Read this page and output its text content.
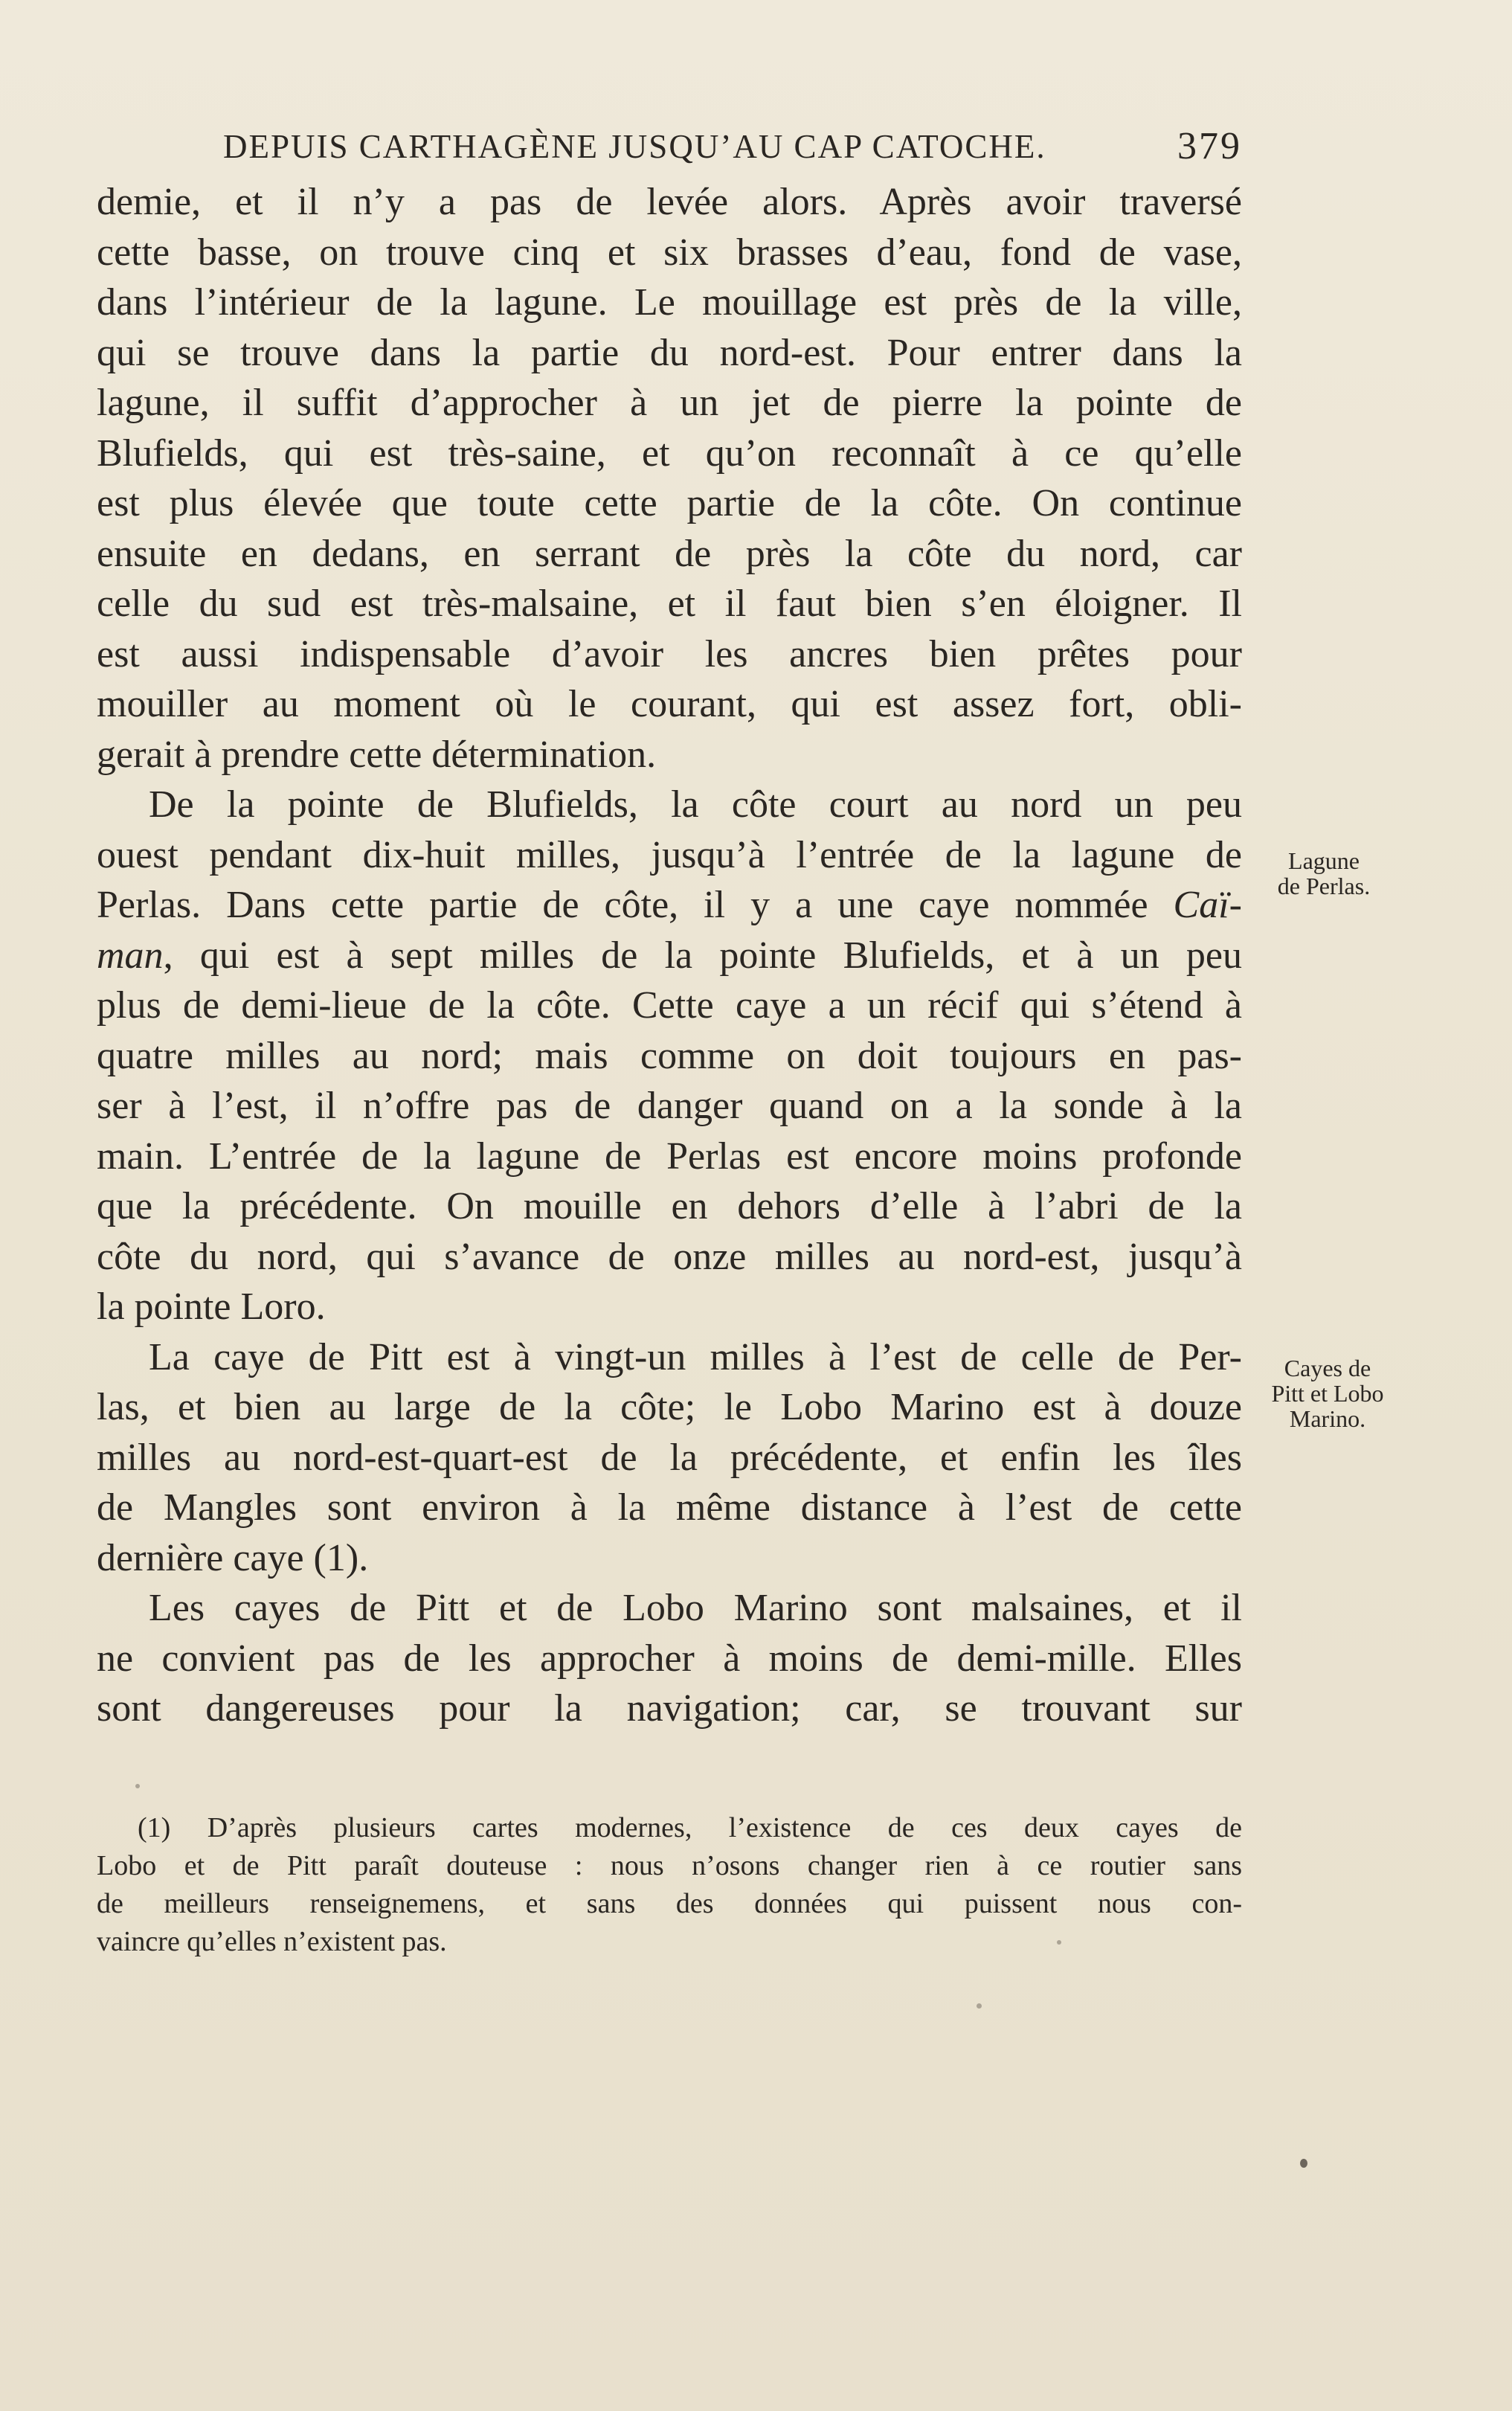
DEPUIS CARTHAGÈNE JUSQU’AU CAP CATOCHE.	379
demie, et il n’y a pas de levée alors. Après avoir traversé
cette basse, on trouve cinq et six brasses d’eau, fond de vase,
dans l’intérieur de la lagune. Le mouillage est près de la ville,
qui se trouve dans la partie du nord-est. Pour entrer dans la
lagune, il suffit d’approcher à un jet de pierre la pointe de
Blufields, qui est très-saine, et qu’on reconnaît à ce qu’elle
est plus élevée que toute cette partie de la côte. On continue
ensuite en dedans, en serrant de près la côte du nord, car
celle du sud est très-malsaine, et il faut bien s’en éloigner. Il
est aussi indispensable d’avoir les ancres bien prêtes pour
mouiller au moment où le courant, qui est assez fort, obli-
gerait à prendre cette détermination.
De la pointe de Blufields, la côte court au nord un peu
ouest pendant dix-huit milles, jusqu’à l’entrée de la lagune de
Perlas. Dans cette partie de côte, il y a une caye nommée Caï-
man, qui est à sept milles de la pointe Blufields, et à un peu
plus de demi-lieue de la côte. Cette caye a un récif qui s’étend à
quatre milles au nord; mais comme on doit toujours en pas-
ser à l’est, il n’offre pas de danger quand on a la sonde à la
main. L’entrée de la lagune de Perlas est encore moins profonde
que la précédente. On mouille en dehors d’elle à l’abri de la
côte du nord, qui s’avance de onze milles au nord-est, jusqu’à
la pointe Loro.
La caye de Pitt est à vingt-un milles à l’est de celle de Per-
las, et bien au large de la côte; le Lobo Marino est à douze
milles au nord-est-quart-est de la précédente, et enfin les îles
de Mangles sont environ à la même distance à l’est de cette
dernière caye (1).
Les cayes de Pitt et de Lobo Marino sont malsaines, et il
ne convient pas de les approcher à moins de demi-mille. Elles
sont dangereuses pour la navigation; car, se trouvant sur
Lagune
de Perlas.
Cayes de
Pitt et Lobo
Marino.
(1) D’après plusieurs cartes modernes, l’existence de ces deux cayes de
Lobo et de Pitt paraît douteuse : nous n’osons changer rien à ce routier sans
de meilleurs renseignemens, et sans des données qui puissent nous con-
vaincre qu’elles n’existent pas.
